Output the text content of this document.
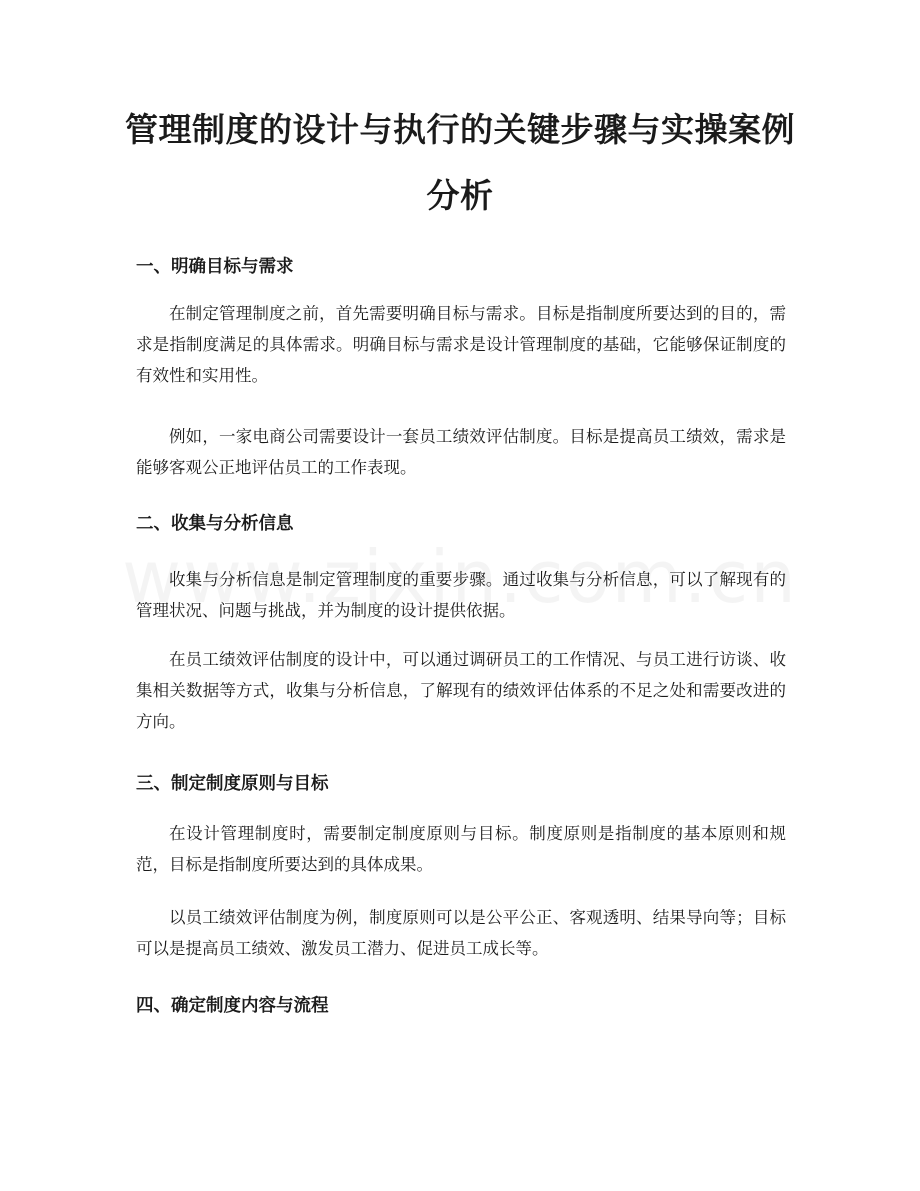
管理制度的设计与执行的关键步骤与实操案例分析
一、明确目标与需求

在制定管理制度之前，首先需要明确目标与需求。目标是指制度所要达到的目的，需求是指制度满足的具体需求。明确目标与需求是设计管理制度的基础，它能够保证制度的有效性和实用性。

例如，一家电商公司需要设计一套员工绩效评估制度。目标是提高员工绩效，需求是能够客观公正地评估员工的工作表现。

二、收集与分析信息

收集与分析信息是制定管理制度的重要步骤。通过收集与分析信息，可以了解现有的管理状况、问题与挑战，并为制度的设计提供依据。

在员工绩效评估制度的设计中，可以通过调研员工的工作情况、与员工进行访谈、收集相关数据等方式，收集与分析信息，了解现有的绩效评估体系的不足之处和需要改进的方向。

三、制定制度原则与目标

在设计管理制度时，需要制定制度原则与目标。制度原则是指制度的基本原则和规范，目标是指制度所要达到的具体成果。

以员工绩效评估制度为例，制度原则可以是公平公正、客观透明、结果导向等；目标可以是提高员工绩效、激发员工潜力、促进员工成长等。

四、确定制度内容与流程
